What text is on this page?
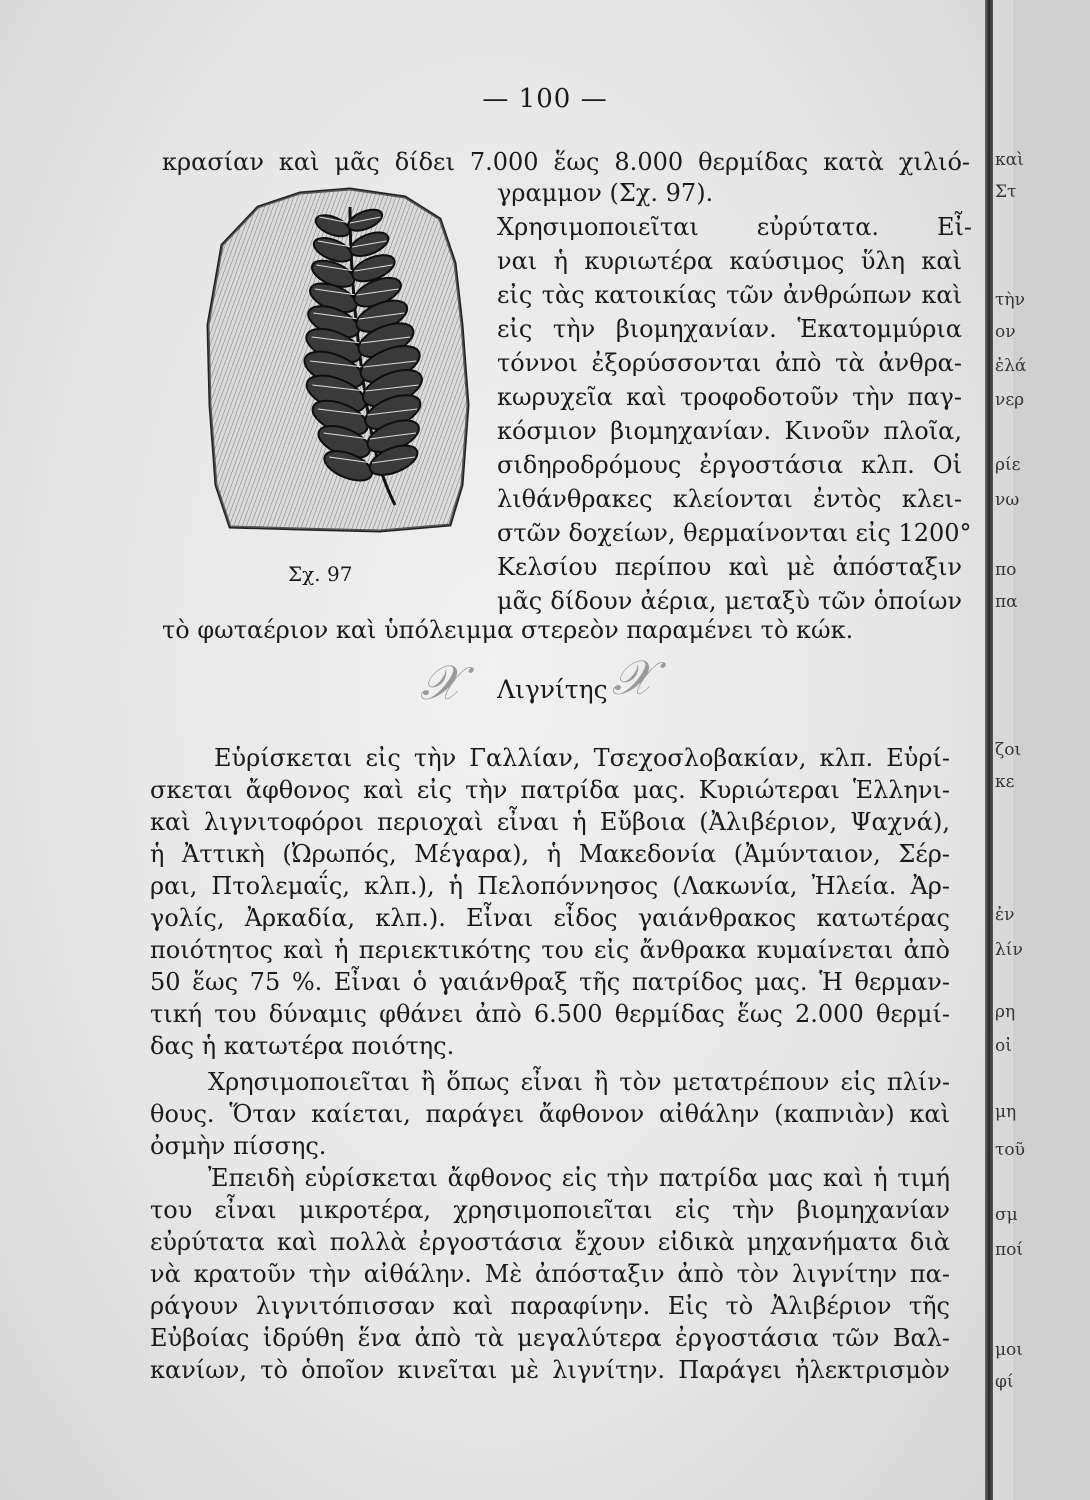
— 100 —
Σχ. 97
κρασίαν καὶ μᾶς δίδει 7.000 ἕως 8.000 θερμίδας κατὰ χιλιό-
γραμμον (Σχ. 97).
Χρησιμοποιεῖται εὐρύτατα. Εἶ-
ναι ἡ κυριωτέρα καύσιμος ὕλη καὶ
εἰς τὰς κατοικίας τῶν ἀνθρώπων καὶ
εἰς τὴν βιομηχανίαν. Ἑκατομμύρια
τόννοι ἐξορύσσονται ἀπὸ τὰ ἀνθρα-
κωρυχεῖα καὶ τροφοδοτοῦν τὴν παγ-
κόσμιον βιομηχανίαν. Κινοῦν πλοῖα,
σιδηροδρόμους ἐργοστάσια κλπ. Οἱ
λιθάνθρακες κλείονται ἐντὸς κλει-
στῶν δοχείων, θερμαίνονται εἰς 1200°
Κελσίου περίπου καὶ μὲ ἀπόσταξιν
μᾶς δίδουν ἀέρια, μεταξὺ τῶν ὁποίων
τὸ φωταέριον καὶ ὑπόλειμμα στερεὸν παραμένει τὸ κώκ.
Λιγνίτης
𝒳	𝒳
Εὑρίσκεται εἰς τὴν Γαλλίαν, Τσεχοσλοβακίαν, κλπ. Εὑρί-
σκεται ἄφθονος καὶ εἰς τὴν πατρίδα μας. Κυριώτεραι Ἑλληνι-
καὶ λιγνιτοφόροι περιοχαὶ εἶναι ἡ Εὔβοια (Ἀλιβέριον, Ψαχνά),
ἡ Ἀττικὴ (Ὠρωπός, Μέγαρα), ἡ Μακεδονία (Ἀμύνταιον, Σέρ-
ραι, Πτολεμαΐς, κλπ.), ἡ Πελοπόννησος (Λακωνία, Ἠλεία. Ἀρ-
γολίς, Ἀρκαδία, κλπ.). Εἶναι εἶδος γαιάνθρακος κατωτέρας
ποιότητος καὶ ἡ περιεκτικότης του εἰς ἄνθρακα κυμαίνεται ἀπὸ
50 ἕως 75 %. Εἶναι ὁ γαιάνθραξ τῆς πατρίδος μας. Ἡ θερμαν-
τική του δύναμις φθάνει ἀπὸ 6.500 θερμίδας ἕως 2.000 θερμί-
δας ἡ κατωτέρα ποιότης.
Χρησιμοποιεῖται ἢ ὅπως εἶναι ἢ τὸν μετατρέπουν εἰς πλίν-
θους. Ὅταν καίεται, παράγει ἄφθονον αἰθάλην (καπνιὰν) καὶ
ὀσμὴν πίσσης.
Ἐπειδὴ εὑρίσκεται ἄφθονος εἰς τὴν πατρίδα μας καὶ ἡ τιμή
του εἶναι μικροτέρα, χρησιμοποιεῖται εἰς τὴν βιομηχανίαν
εὐρύτατα καὶ πολλὰ ἐργοστάσια ἔχουν εἰδικὰ μηχανήματα διὰ
νὰ κρατοῦν τὴν αἰθάλην. Μὲ ἀπόσταξιν ἀπὸ τὸν λιγνίτην πα-
ράγουν λιγνιτόπισσαν καὶ παραφίνην. Εἰς τὸ Ἀλιβέριον τῆς
Εὐβοίας ἱδρύθη ἕνα ἀπὸ τὰ μεγαλύτερα ἐργοστάσια τῶν Βαλ-
κανίων, τὸ ὁποῖον κινεῖται μὲ λιγνίτην. Παράγει ἠλεκτρισμὸν
καὶ
Στ
τὴν
ον
ἐλά
νερ
ρίε
νω
πο
πα
ζοι
κε
ἐν
λίν
ρη
οἰ
μη
τοῦ
σμ
ποί
μοι
φί
